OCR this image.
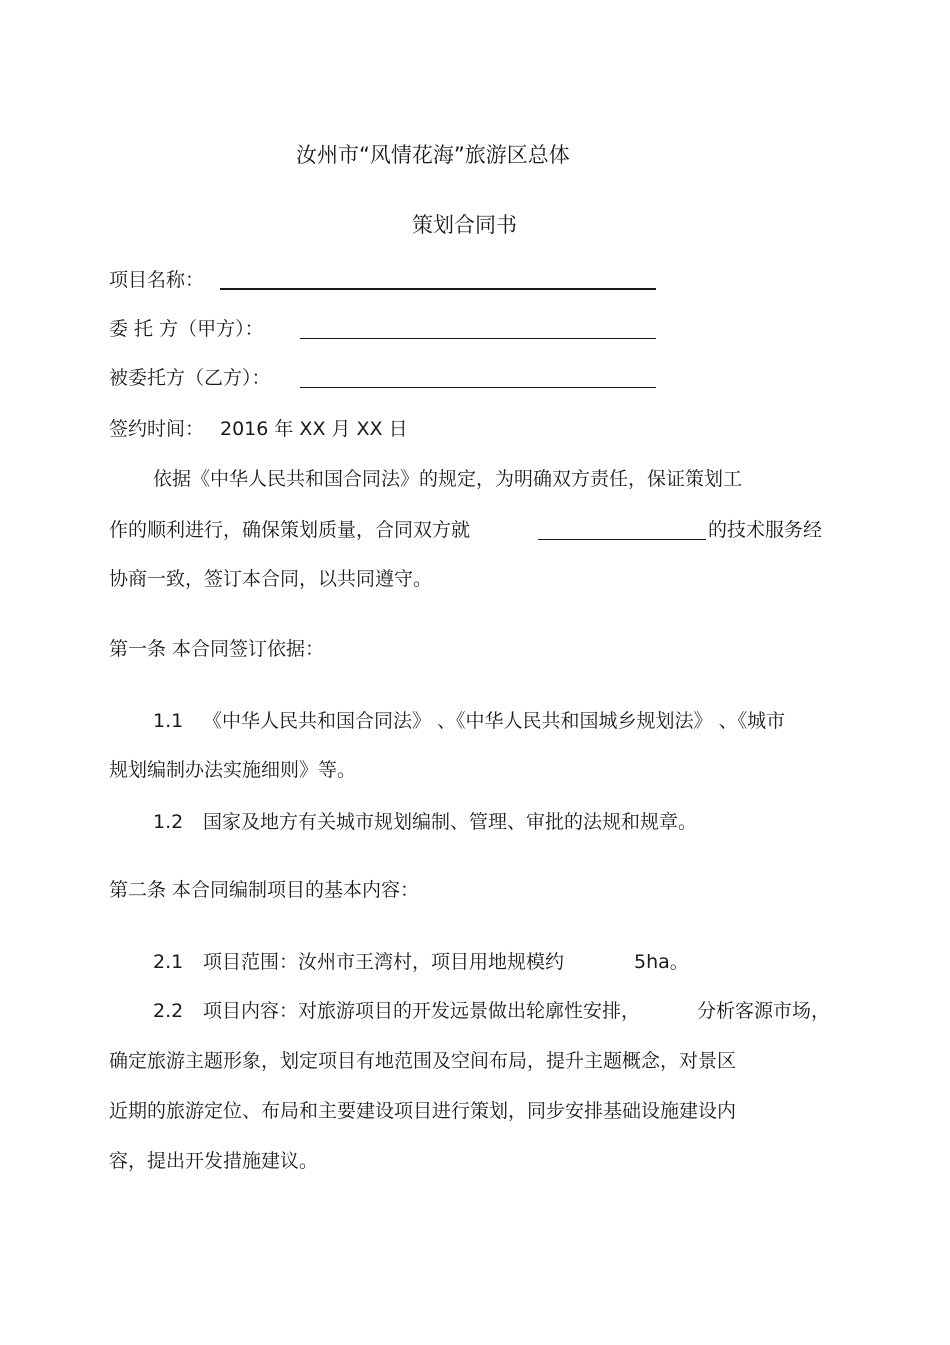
汝州市“风情花海”旅游区总体
策划合同书
项目名称：
委 托 方（甲方）：
被委托方（乙方）：
签约时间： 2016 年 XX 月 XX 日
依据《中华人民共和国合同法》的规定，为明确双方责任，保证策划工
作的顺利进行，确保策划质量，合同双方就	的技术服务经
协商一致，签订本合同，以共同遵守。
第一条 本合同签订依据：
1.1 《中华人民共和国合同法》 、《中华人民共和国城乡规划法》 、《城市
规划编制办法实施细则》等。
1.2 国家及地方有关城市规划编制、管理、审批的法规和规章。
第二条 本合同编制项目的基本内容：
2.1 项目范围：汝州市王湾村，项目用地规模约	5ha。
2.2 项目内容：对旅游项目的开发远景做出轮廓性安排，	分析客源市场，
确定旅游主题形象，划定项目有地范围及空间布局，提升主题概念，对景区
近期的旅游定位、布局和主要建设项目进行策划，同步安排基础设施建设内
容，提出开发措施建议。
